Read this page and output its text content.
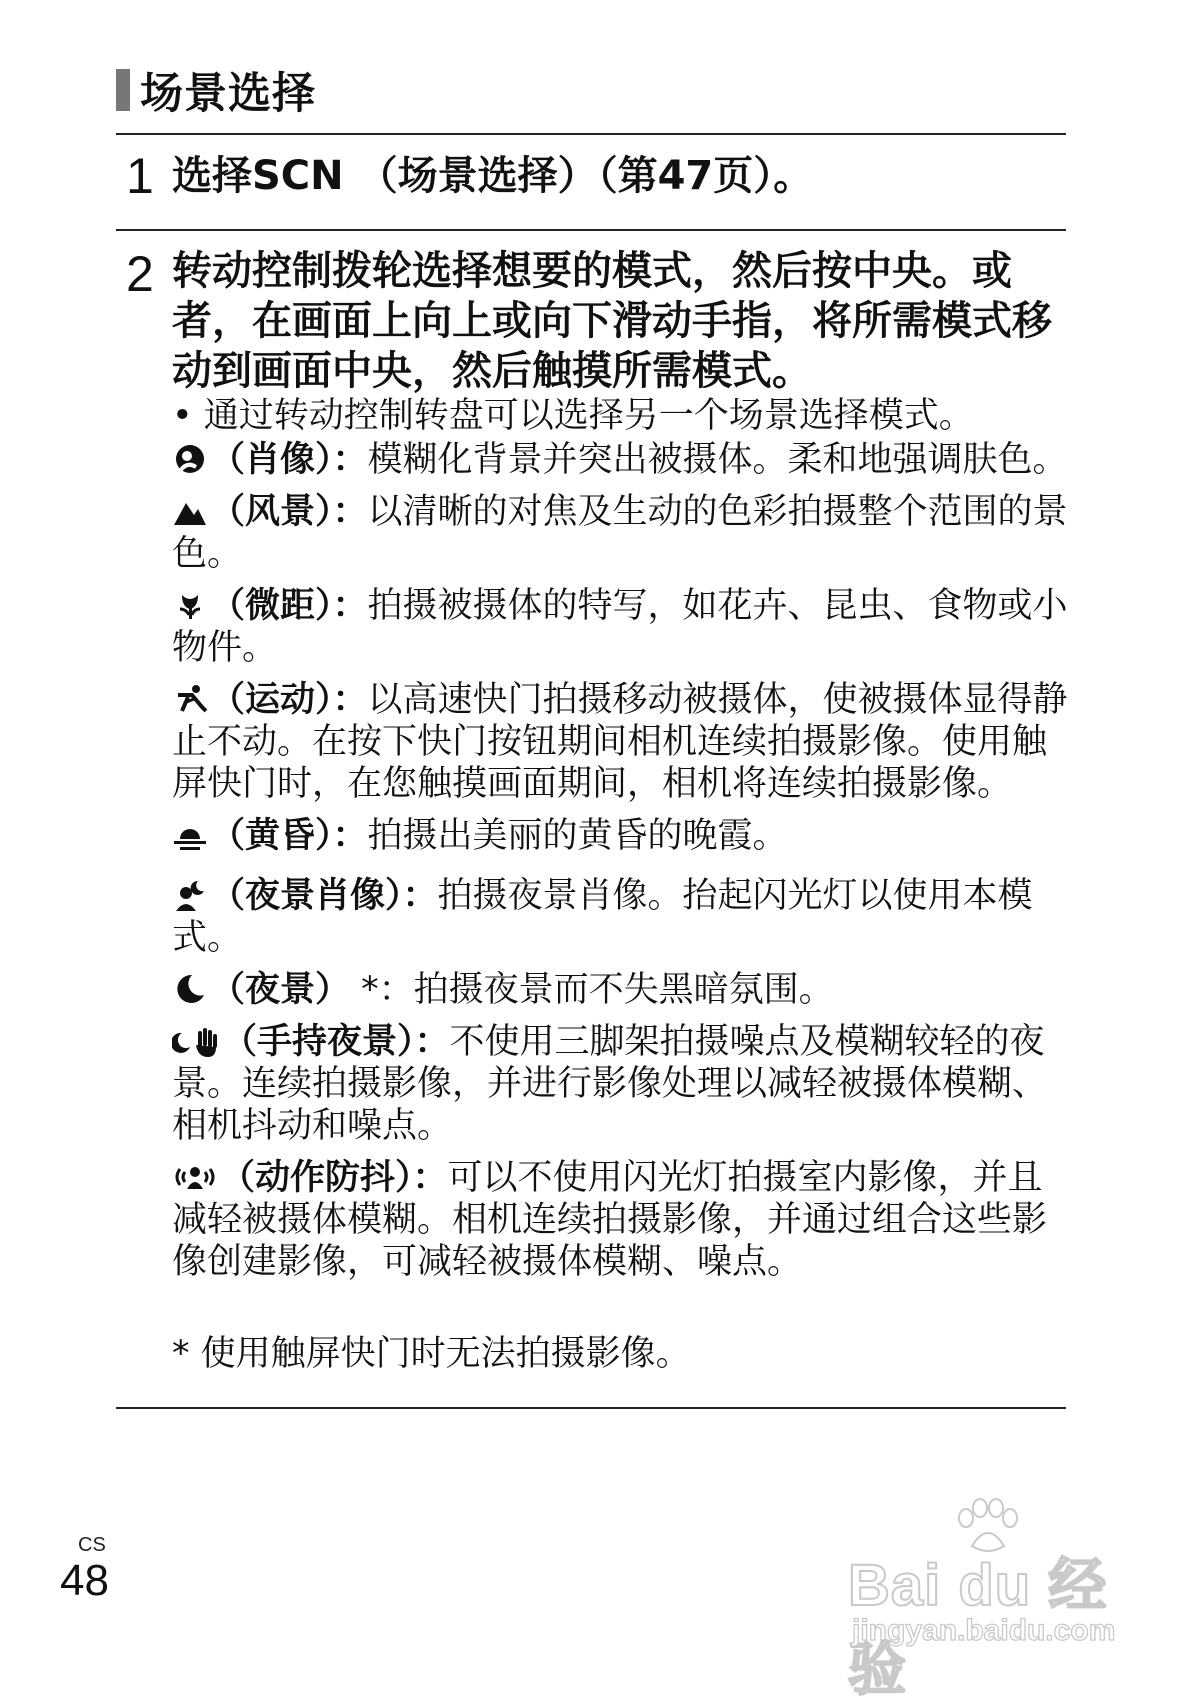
场景选择
1 选择SCN （场景选择）（第47页）。
2 转动控制拨轮选择想要的模式，然后按中央。或者，在画面上向上或向下滑动手指，将所需模式移动到画面中央，然后触摸所需模式。

• 通过转动控制转盘可以选择另一个场景选择模式。

（肖像）：模糊化背景并突出被摄体。柔和地强调肤色。

（风景）：以清晰的对焦及生动的色彩拍摄整个范围的景色。

（微距）：拍摄被摄体的特写，如花卉、昆虫、食物或小物件。

（运动）：以高速快门拍摄移动被摄体，使被摄体显得静止不动。在按下快门按钮期间相机连续拍摄影像。使用触屏快门时，在您触摸画面期间，相机将连续拍摄影像。

（黄昏）：拍摄出美丽的黄昏的晚霞。

（夜景肖像）：拍摄夜景肖像。抬起闪光灯以使用本模式。

（夜景） *：拍摄夜景而不失黑暗氛围。

（手持夜景）：不使用三脚架拍摄噪点及模糊较轻的夜景。连续拍摄影像，并进行影像处理以减轻被摄体模糊、相机抖动和噪点。

（动作防抖）：可以不使用闪光灯拍摄室内影像，并且减轻被摄体模糊。相机连续拍摄影像，并通过组合这些影像创建影像，可减轻被摄体模糊、噪点。

* 使用触屏快门时无法拍摄影像。

CS
48	Bai du 经验
jingyan.baidu.com
